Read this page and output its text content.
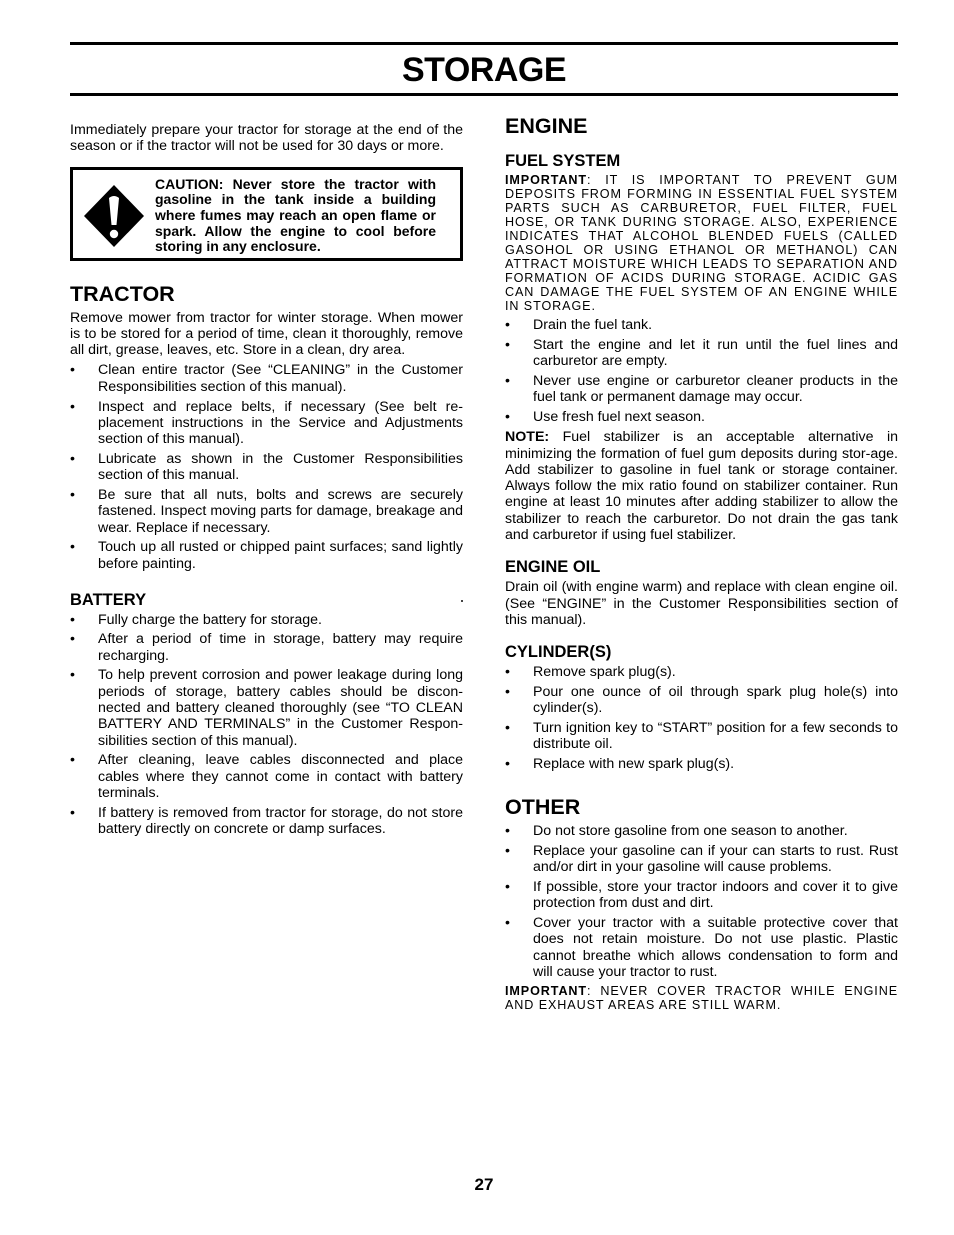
STORAGE

Immediately prepare your tractor for storage at the end of the season or if the tractor will not be used for 30 days or more.

CAUTION: Never store the tractor with gasoline in the tank inside a building where fumes may reach an open flame or spark. Allow the engine to cool before storing in any enclosure.
TRACTOR

Remove mower from tractor for winter storage. When mower is to be stored for a period of time, clean it thoroughly, remove all dirt, grease, leaves, etc. Store in a clean, dry area.

• Clean entire tractor (See “CLEANING” in the Customer Responsibilities section of this manual).
• Inspect and replace belts, if necessary (See belt re-placement instructions in the Service and Adjustments section of this manual).
• Lubricate as shown in the Customer Responsibilities section of this manual.
• Be sure that all nuts, bolts and screws are securely fastened. Inspect moving parts for damage, breakage and wear. Replace if necessary.
• Touch up all rusted or chipped paint surfaces; sand lightly before painting.
BATTERY
• Fully charge the battery for storage.
• After a period of time in storage, battery may require recharging.
• To help prevent corrosion and power leakage during long periods of storage, battery cables should be discon-nected and battery cleaned thoroughly (see “TO CLEAN BATTERY AND TERMINALS” in the Customer Respon-sibilities section of this manual).
• After cleaning, leave cables disconnected and place cables where they cannot come in contact with battery terminals.
• If battery is removed from tractor for storage, do not store battery directly on concrete or damp surfaces.
ENGINE
FUEL SYSTEM

IMPORTANT: IT IS IMPORTANT TO PREVENT GUM DEPOSITS FROM FORMING IN ESSENTIAL FUEL SYSTEM PARTS SUCH AS CARBURETOR, FUEL FILTER, FUEL HOSE, OR TANK DURING STORAGE. ALSO, EXPERIENCE INDICATES THAT ALCOHOL BLENDED FUELS (CALLED GASOHOL OR USING ETHANOL OR METHANOL) CAN ATTRACT MOISTURE WHICH LEADS TO SEPARATION AND FORMATION OF ACIDS DURING STORAGE. ACIDIC GAS CAN DAMAGE THE FUEL SYSTEM OF AN ENGINE WHILE IN STORAGE.

• Drain the fuel tank.
• Start the engine and let it run until the fuel lines and carburetor are empty.
• Never use engine or carburetor cleaner products in the fuel tank or permanent damage may occur.
• Use fresh fuel next season.

NOTE: Fuel stabilizer is an acceptable alternative in minimizing the formation of fuel gum deposits during stor-age. Add stabilizer to gasoline in fuel tank or storage container. Always follow the mix ratio found on stabilizer container. Run engine at least 10 minutes after adding stabilizer to allow the stabilizer to reach the carburetor. Do not drain the gas tank and carburetor if using fuel stabilizer.

ENGINE OIL

Drain oil (with engine warm) and replace with clean engine oil. (See “ENGINE” in the Customer Responsibilities section of this manual).

CYLINDER(S)
• Remove spark plug(s).
• Pour one ounce of oil through spark plug hole(s) into cylinder(s).
• Turn ignition key to “START” position for a few seconds to distribute oil.
• Replace with new spark plug(s).
OTHER
• Do not store gasoline from one season to another.
• Replace your gasoline can if your can starts to rust. Rust and/or dirt in your gasoline will cause problems.
• If possible, store your tractor indoors and cover it to give protection from dust and dirt.
• Cover your tractor with a suitable protective cover that does not retain moisture. Do not use plastic. Plastic cannot breathe which allows condensation to form and will cause your tractor to rust.

IMPORTANT: NEVER COVER TRACTOR WHILE ENGINE AND EXHAUST AREAS ARE STILL WARM.

27
